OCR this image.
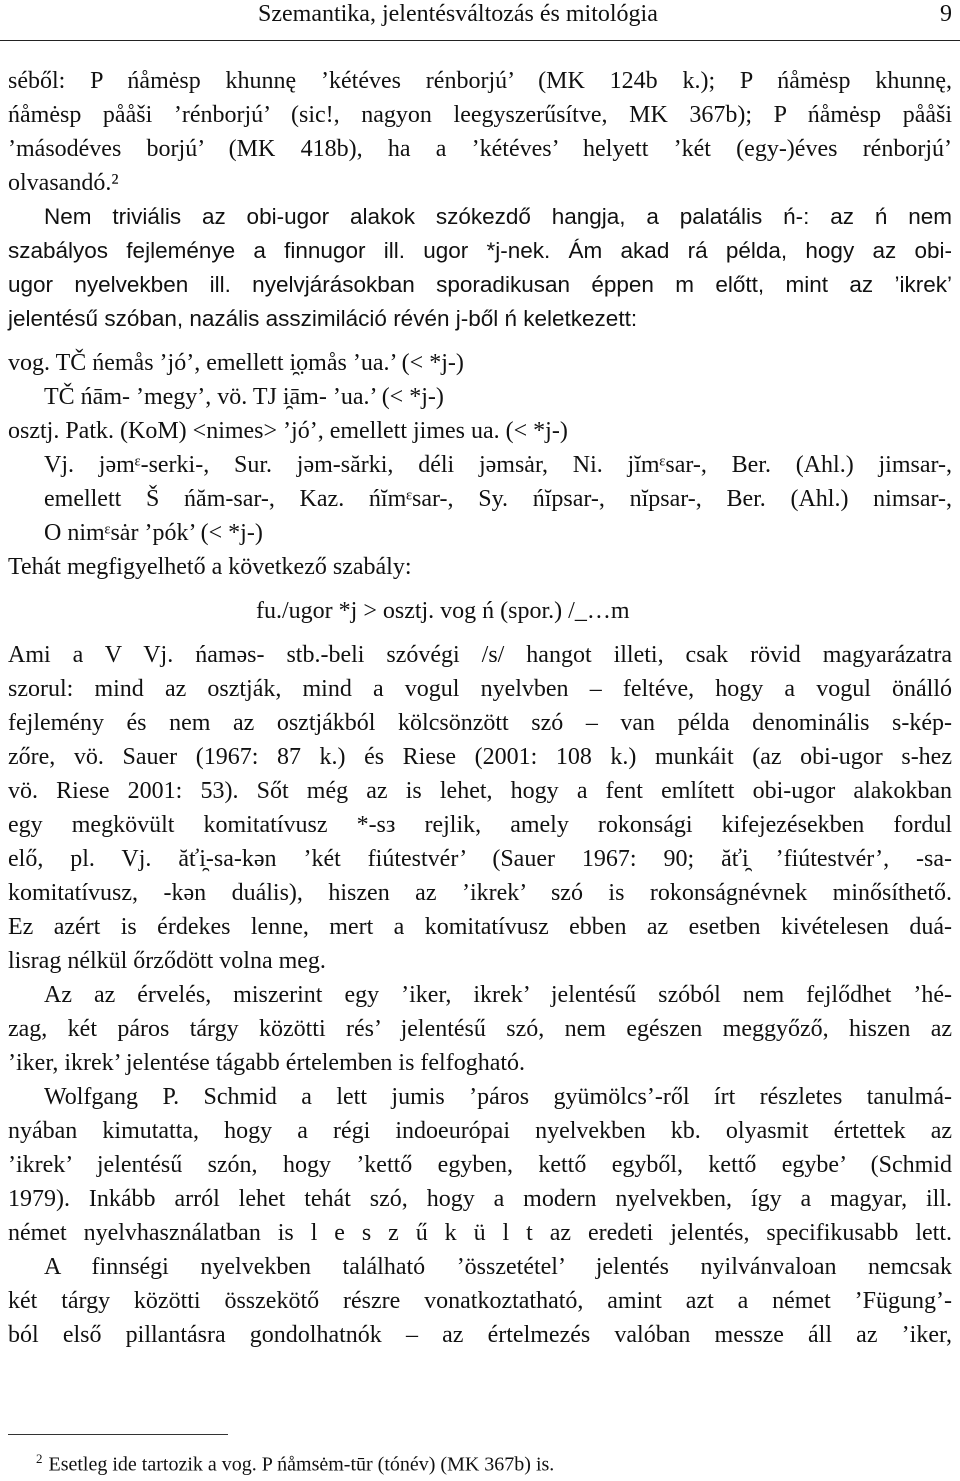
Szemantika, jelentésváltozás és mitológia	9
séből: P ńåmėsp khunnę ’kétéves rénborjú’ (MK 124b k.); P ńåmėsp khunnę,
ńåmėsp pååši ’rénborjú’ (sic!, nagyon leegyszerűsítve, MK 367b); P ńåmėsp pååši
’másodéves borjú’ (MK 418b), ha a ’kétéves’ helyett ’két (egy-)éves rénborjú’
olvasandó.²
Nem triviális az obi-ugor alakok szókezdő hangja, a palatális ń-: az ń nem
szabályos fejleménye a finnugor ill. ugor *j-nek. Ám akad rá példa, hogy az obi-
ugor nyelvekben ill. nyelvjárásokban sporadikusan éppen m előtt, mint az ’ikrek’
jelentésű szóban, nazális asszimiláció révén j-ből ń keletkezett:
vog. TČ ńemås ’jó’, emellett i̯ọmås ’ua.’ (< *j-)
TČ ńām- ’megy’, vö. TJ i̯ām- ’ua.’ (< *j-)
osztj. Patk. (KoM) <nimes> ’jó’, emellett jimes ua. (< *j-)
Vj. jəmᵋ-serki-, Sur. jəm-sărki, déli jəmsȧr, Ni. jĭmᵋsar-, Ber. (Ahl.) jimsar-,
emellett Š ńăm-sar-, Kaz. ńĭmᵋsar-, Sy. ńĭpsar-, nĭpsar-, Ber. (Ahl.) nimsar-,
O nimᵋsȧr ’pók’ (< *j-)
Tehát megfigyelhető a következő szabály:
fu./ugor *j > osztj. vog ń (spor.) /_…m
Ami a V Vj. ńaməs- stb.-beli szóvégi /s/ hangot illeti, csak rövid magyarázatra
szorul: mind az osztják, mind a vogul nyelvben – feltéve, hogy a vogul önálló
fejlemény és nem az osztjákból kölcsönzött szó – van példa denominális s-kép-
zőre, vö. Sauer (1967: 87 k.) és Riese (2001: 108 k.) munkáit (az obi-ugor s-hez
vö. Riese 2001: 53). Sőt még az is lehet, hogy a fent említett obi-ugor alakokban
egy megkövült komitatívusz *-sз rejlik, amely rokonsági kifejezésekben fordul
elő, pl. Vj. ăťi̯-sa-kən ’két fiútestvér’ (Sauer 1967: 90; ăťi̯ ’fiútestvér’, -sa-
komitatívusz, -kən duális), hiszen az ’ikrek’ szó is rokonságnévnek minősíthető.
Ez azért is érdekes lenne, mert a komitatívusz ebben az esetben kivételesen duá-
lisrag nélkül őrződött volna meg.
Az az érvelés, miszerint egy ’iker, ikrek’ jelentésű szóból nem fejlődhet ’hé-
zag, két páros tárgy közötti rés’ jelentésű szó, nem egészen meggyőző, hiszen az
’iker, ikrek’ jelentése tágabb értelemben is felfogható.
Wolfgang P. Schmid a lett jumis ’páros gyümölcs’-ről írt részletes tanulmá-
nyában kimutatta, hogy a régi indoeurópai nyelvekben kb. olyasmit értettek az
’ikrek’ jelentésű szón, hogy ’kettő egyben, kettő egyből, kettő egybe’ (Schmid
1979). Inkább arról lehet tehát szó, hogy a modern nyelvekben, így a magyar, ill.
német nyelvhasználatban is l e s z ű k ü l t az eredeti jelentés, specifikusabb lett.
A finnségi nyelvekben található ’összetétel’ jelentés nyilvánvaloan nemcsak
két tárgy közötti összekötő részre vonatkoztatható, amint azt a német ’Fügung’-
ból első pillantásra gondolhatnók – az értelmezés valóban messze áll az ’iker,
$^2$ Esetleg ide tartozik a vog. P ńåmsėm-tūr (tónév) (MK 367b) is.
